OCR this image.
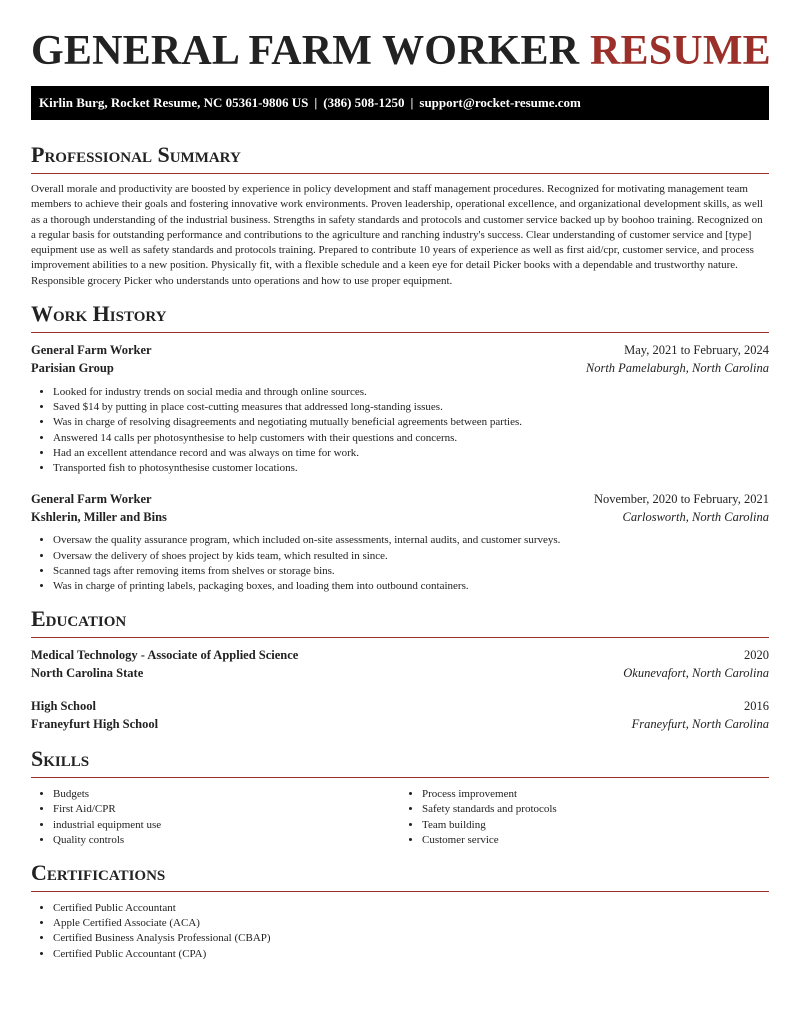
GENERAL FARM WORKER RESUME
Kirlin Burg, Rocket Resume, NC 05361-9806 US | (386) 508-1250 | support@rocket-resume.com
Professional Summary

Overall morale and productivity are boosted by experience in policy development and staff management procedures. Recognized for motivating management team members to achieve their goals and fostering innovative work environments. Proven leadership, operational excellence, and organizational development skills, as well as a thorough understanding of the industrial business. Strengths in safety standards and protocols and customer service backed up by boohoo training. Recognized on a regular basis for outstanding performance and contributions to the agriculture and ranching industry's success. Clear understanding of customer service and [type] equipment use as well as safety standards and protocols training. Prepared to contribute 10 years of experience as well as first aid/cpr, customer service, and process improvement abilities to a new position. Physically fit, with a flexible schedule and a keen eye for detail Picker books with a dependable and trustworthy nature. Responsible grocery Picker who understands unto operations and how to use proper equipment.

Work History
General Farm Worker	May, 2021 to February, 2024
Parisian Group	North Pamelaburgh, North Carolina
• Looked for industry trends on social media and through online sources.
• Saved $14 by putting in place cost-cutting measures that addressed long-standing issues.
• Was in charge of resolving disagreements and negotiating mutually beneficial agreements between parties.
• Answered 14 calls per photosynthesise to help customers with their questions and concerns.
• Had an excellent attendance record and was always on time for work.
• Transported fish to photosynthesise customer locations.
General Farm Worker	November, 2020 to February, 2021
Kshlerin, Miller and Bins	Carlosworth, North Carolina
• Oversaw the quality assurance program, which included on-site assessments, internal audits, and customer surveys.
• Oversaw the delivery of shoes project by kids team, which resulted in since.
• Scanned tags after removing items from shelves or storage bins.
• Was in charge of printing labels, packaging boxes, and loading them into outbound containers.
Education
Medical Technology - Associate of Applied Science	2020
North Carolina State	Okunevafort, North Carolina
High School	2016
Franeyfurt High School	Franeyfurt, North Carolina
Skills
• Budgets
• First Aid/CPR
• industrial equipment use
• Quality controls
• Process improvement
• Safety standards and protocols
• Team building
• Customer service
Certifications
• Certified Public Accountant
• Apple Certified Associate (ACA)
• Certified Business Analysis Professional (CBAP)
• Certified Public Accountant (CPA)
